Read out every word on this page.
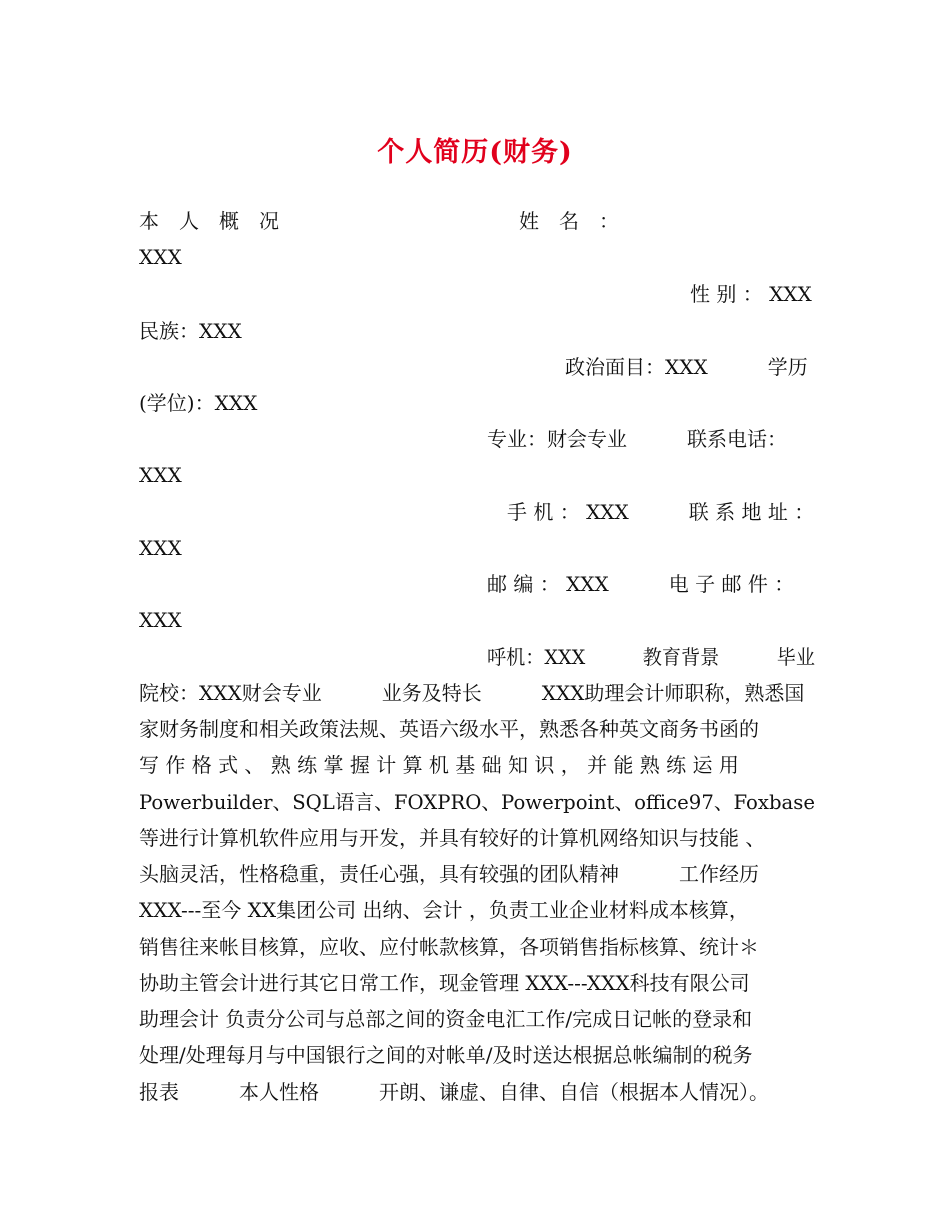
个人简历(财务)
本　人　概　况　　　　　　　　　　　　姓　名　：
XXX
性 别 ： XXX
民族：XXX
政治面目：XXX　　　学历
(学位)：XXX
专业：财会专业　　　联系电话：
XXX
手 机 ： XXX　　　联 系 地 址 ：
XXX
邮 编 ： XXX　　　电 子 邮 件 ：
XXX
呼机：XXX　　　教育背景　　　毕业
院校：XXX财会专业　　　业务及特长　　　XXX助理会计师职称，熟悉国
家财务制度和相关政策法规、英语六级水平，熟悉各种英文商务书函的
写 作 格 式 、 熟 练 掌 握 计 算 机 基 础 知 识 ， 并 能 熟 练 运 用
Powerbuilder、SQL语言、FOXPRO、Powerpoint、office97、Foxbase
等进行计算机软件应用与开发，并具有较好的计算机网络知识与技能 、
头脑灵活，性格稳重，责任心强，具有较强的团队精神　　　工作经历
XXX---至今 XX集团公司 出纳、会计 ，负责工业企业材料成本核算，
销售往来帐目核算，应收、应付帐款核算，各项销售指标核算、统计＊
协助主管会计进行其它日常工作，现金管理 XXX---XXX科技有限公司
助理会计 负责分公司与总部之间的资金电汇工作/完成日记帐的登录和
处理/处理每月与中国银行之间的对帐单/及时送达根据总帐编制的税务
报表　　　本人性格　　　开朗、谦虚、自律、自信（根据本人情况）。
